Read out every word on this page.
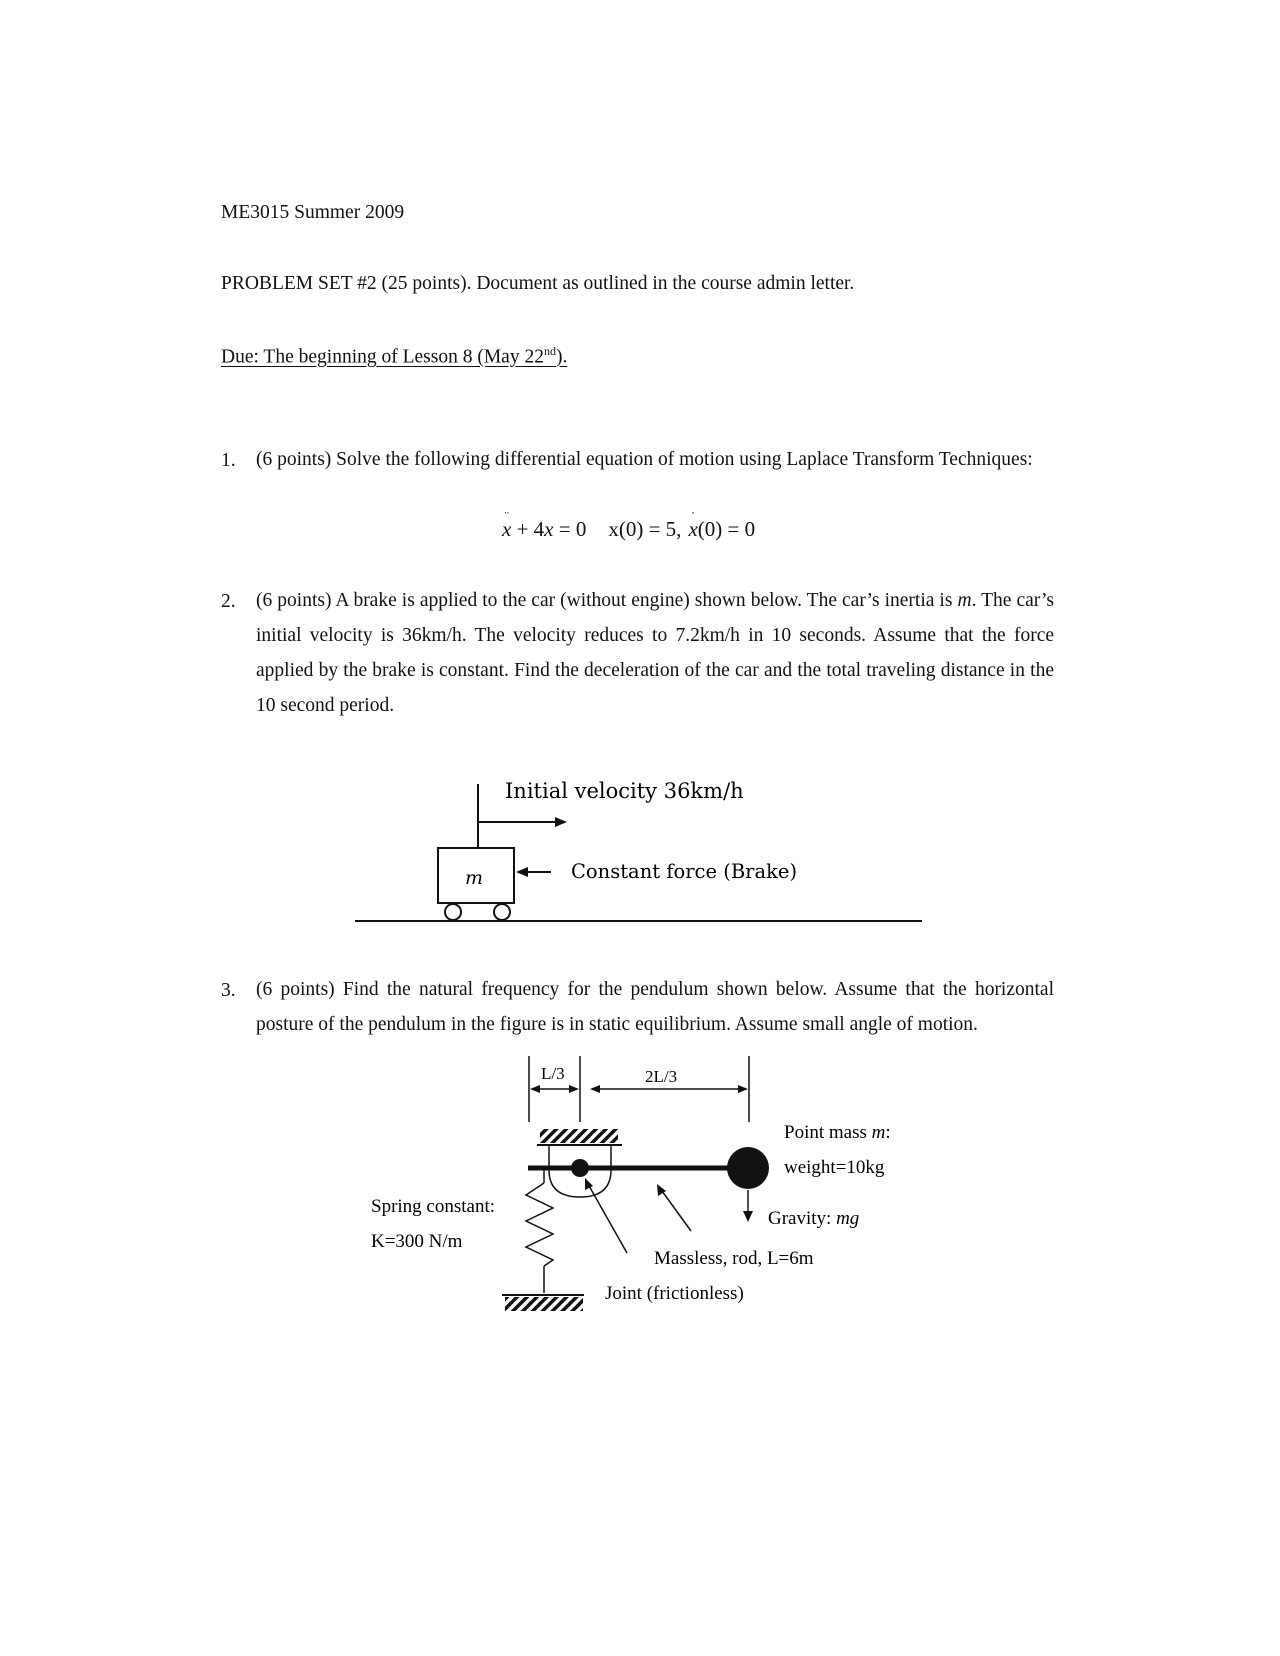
ME3015 Summer 2009
PROBLEM SET #2 (25 points). Document as outlined in the course admin letter.
Due: The beginning of Lesson 8 (May 22nd).
1. (6 points) Solve the following differential equation of motion using Laplace Transform Techniques:
¨ x + 4x = 0 x(0) = 5,˙ x(0) = 0
2. (6 points) A brake is applied to the car (without engine) shown below. The car’s inertia is m. The car’s initial velocity is 36km/h. The velocity reduces to 7.2km/h in 10 seconds. Assume that the force applied by the brake is constant. Find the deceleration of the car and the total traveling distance in the 10 second period.
Initial velocity 36km/h
m	Constant force (Brake)
3. (6 points) Find the natural frequency for the pendulum shown below. Assume that the horizontal posture of the pendulum in the figure is in static equilibrium. Assume small angle of motion.
L/3	2L/3
Point mass m:
weight=10kg
Gravity: mg
Spring constant:
K=300 N/m
Massless, rod, L=6m
Joint (frictionless)
